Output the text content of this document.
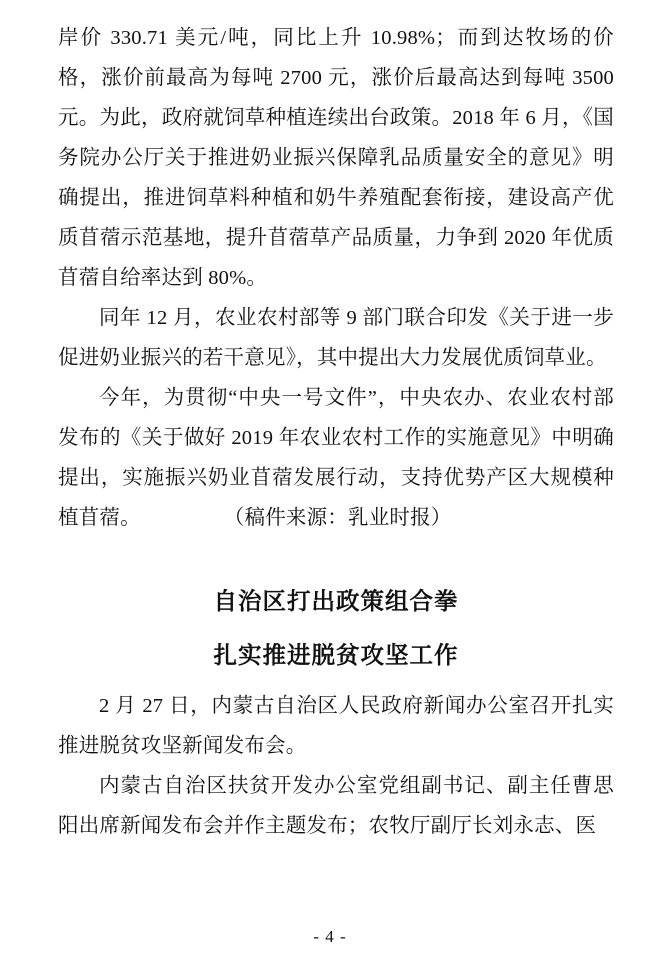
岸价 330.71 美元/吨，同比上升 10.98%；而到达牧场的价格，涨价前最高为每吨 2700 元，涨价后最高达到每吨 3500 元。为此，政府就饲草种植连续出台政策。2018 年 6 月，《国务院办公厅关于推进奶业振兴保障乳品质量安全的意见》明确提出，推进饲草料种植和奶牛养殖配套衔接，建设高产优质苜蓿示范基地，提升苜蓿草产品质量，力争到 2020 年优质苜蓿自给率达到 80%。

同年 12 月，农业农村部等 9 部门联合印发《关于进一步促进奶业振兴的若干意见》，其中提出大力发展优质饲草业。

今年，为贯彻“中央一号文件”，中央农办、农业农村部发布的《关于做好 2019 年农业农村工作的实施意见》中明确提出，实施振兴奶业苜蓿发展行动，支持优势产区大规模种植苜蓿。　　　　　（稿件来源：乳业时报）

自治区打出政策组合拳
扎实推进脱贫攻坚工作

2 月 27 日，内蒙古自治区人民政府新闻办公室召开扎实推进脱贫攻坚新闻发布会。

内蒙古自治区扶贫开发办公室党组副书记、副主任曹思阳出席新闻发布会并作主题发布；农牧厅副厅长刘永志、医

- 4 -
